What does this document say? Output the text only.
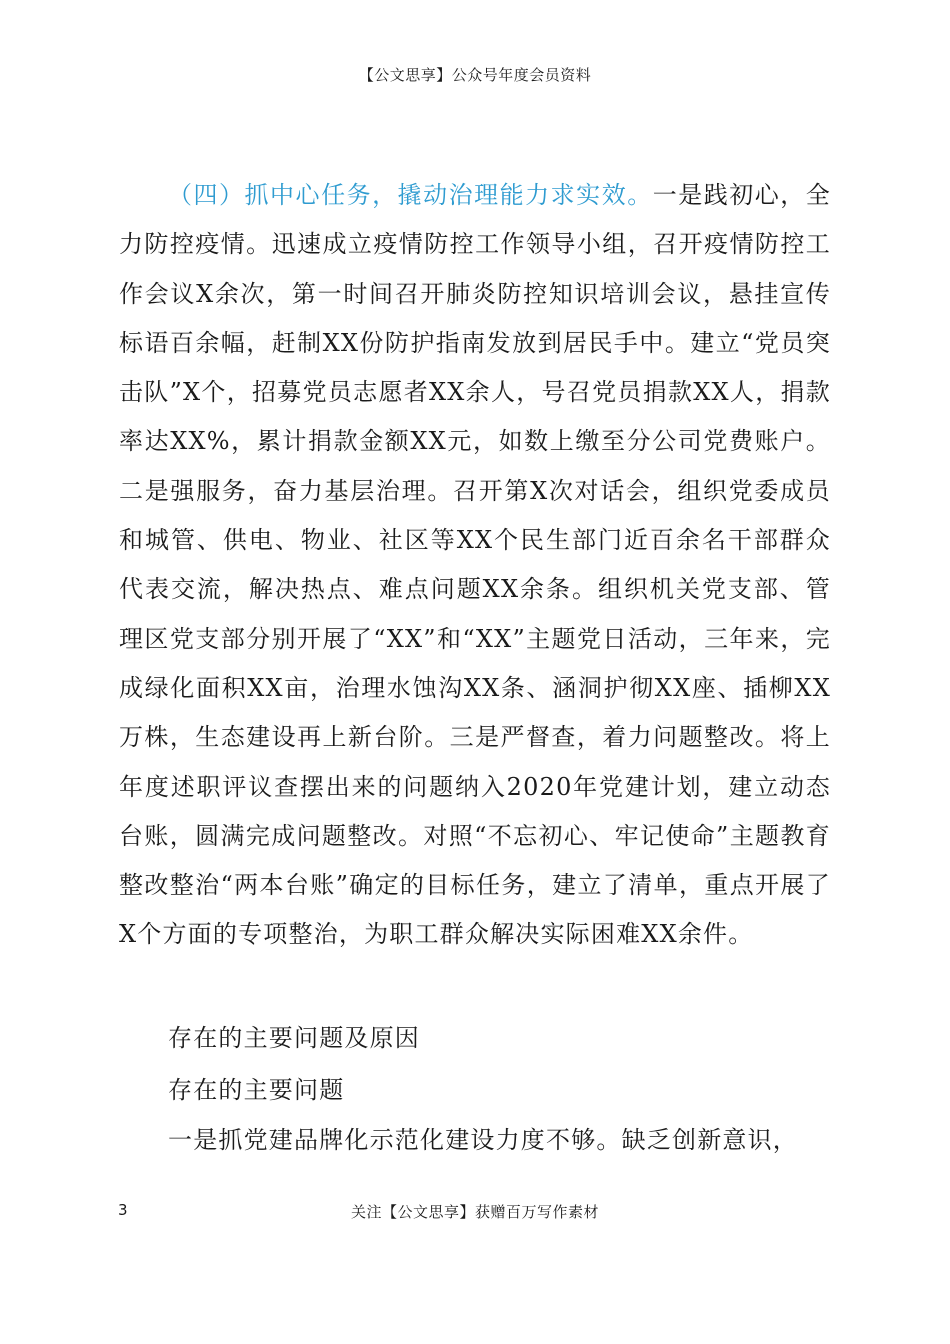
【公文思享】公众号年度会员资料

（四）抓中心任务，撬动治理能力求实效。一是践初心，全力防控疫情。迅速成立疫情防控工作领导小组，召开疫情防控工作会议X余次，第一时间召开肺炎防控知识培训会议，悬挂宣传标语百余幅，赶制XX份防护指南发放到居民手中。建立“党员突击队”X个，招募党员志愿者XX余人，号召党员捐款XX人，捐款率达XX%，累计捐款金额XX元，如数上缴至分公司党费账户。二是强服务，奋力基层治理。召开第X次对话会，组织党委成员和城管、供电、物业、社区等XX个民生部门近百余名干部群众代表交流，解决热点、难点问题XX余条。组织机关党支部、管理区党支部分别开展了“XX”和“XX”主题党日活动，三年来，完成绿化面积XX亩，治理水蚀沟XX条、涵洞护彻XX座、插柳XX万株，生态建设再上新台阶。三是严督查，着力问题整改。将上年度述职评议查摆出来的问题纳入2020年党建计划，建立动态台账，圆满完成问题整改。对照“不忘初心、牢记使命”主题教育整改整治“两本台账”确定的目标任务，建立了清单，重点开展了X个方面的专项整治，为职工群众解决实际困难XX余件。

存在的主要问题及原因

存在的主要问题

一是抓党建品牌化示范化建设力度不够。缺乏创新意识，

3	关注【公文思享】获赠百万写作素材
